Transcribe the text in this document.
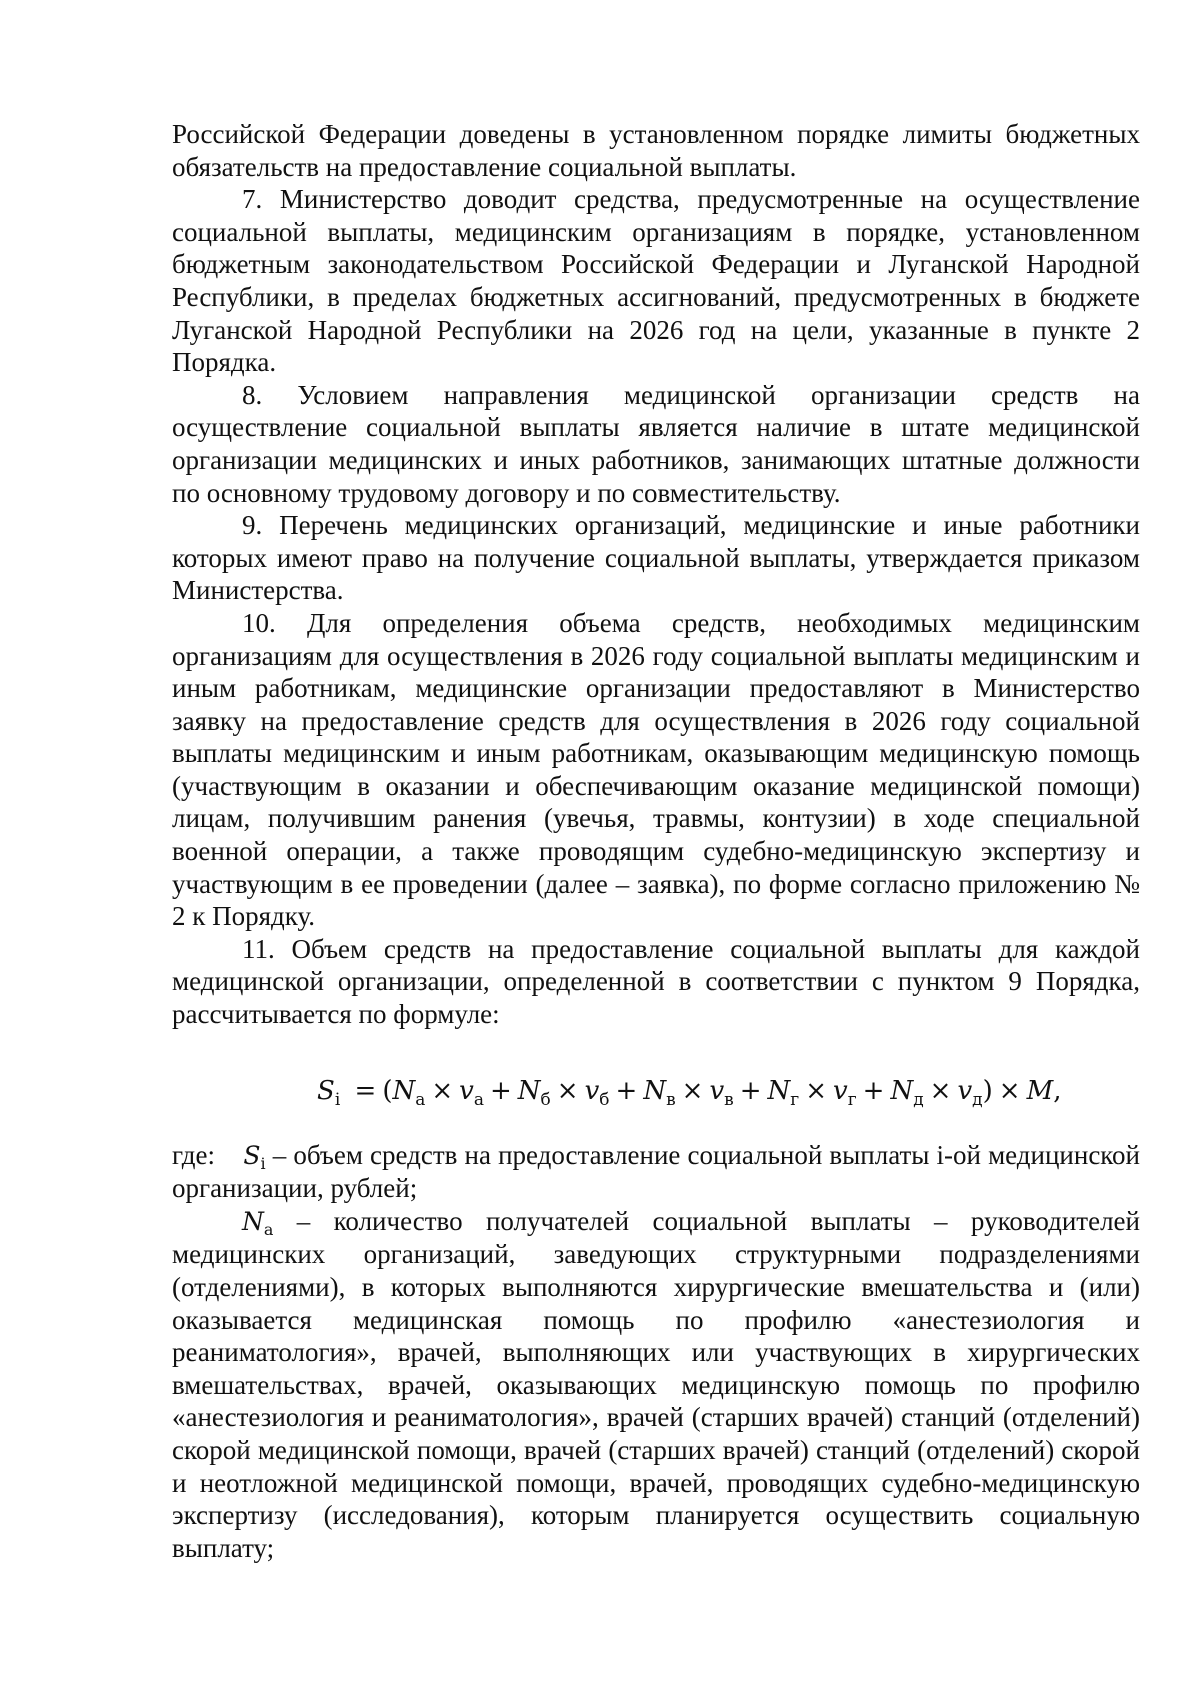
Российской Федерации доведены в установленном порядке лимиты бюджетных обязательств на предоставление социальной выплаты.

7. Министерство доводит средства, предусмотренные на осуществление социальной выплаты, медицинским организациям в порядке, установленном бюджетным законодательством Российской Федерации и Луганской Народной Республики, в пределах бюджетных ассигнований, предусмотренных в бюджете Луганской Народной Республики на 2026 год на цели, указанные в пункте 2 Порядка.

8. Условием направления медицинской организации средств на осуществление социальной выплаты является наличие в штате медицинской организации медицинских и иных работников, занимающих штатные должности по основному трудовому договору и по совместительству.

9. Перечень медицинских организаций, медицинские и иные работники которых имеют право на получение социальной выплаты, утверждается приказом Министерства.

10. Для определения объема средств, необходимых медицинским организациям для осуществления в 2026 году социальной выплаты медицинским и иным работникам, медицинские организации предоставляют в Министерство заявку на предоставление средств для осуществления в 2026 году социальной выплаты медицинским и иным работникам, оказывающим медицинскую помощь (участвующим в оказании и обеспечивающим оказание медицинской помощи) лицам, получившим ранения (увечья, травмы, контузии) в ходе специальной военной операции, а также проводящим судебно-медицинскую экспертизу и участвующим в ее проведении (далее – заявка), по форме согласно приложению № 2 к Порядку.

11. Объем средств на предоставление социальной выплаты для каждой медицинской организации, определенной в соответствии с пунктом 9 Порядка, рассчитывается по формуле:

$S_i = (N_а \times v_а + N_б \times v_б + N_в \times v_в + N_г \times v_г + N_д \times v_д) \times M$,

где: $S_i$ – объем средств на предоставление социальной выплаты i-ой медицинской организации, рублей;

$N_а$ – количество получателей социальной выплаты – руководителей медицинских организаций, заведующих структурными подразделениями (отделениями), в которых выполняются хирургические вмешательства и (или) оказывается медицинская помощь по профилю «анестезиология и реаниматология», врачей, выполняющих или участвующих в хирургических вмешательствах, врачей, оказывающих медицинскую помощь по профилю «анестезиология и реаниматология», врачей (старших врачей) станций (отделений) скорой медицинской помощи, врачей (старших врачей) станций (отделений) скорой и неотложной медицинской помощи, врачей, проводящих судебно-медицинскую экспертизу (исследования), которым планируется осуществить социальную выплату;
